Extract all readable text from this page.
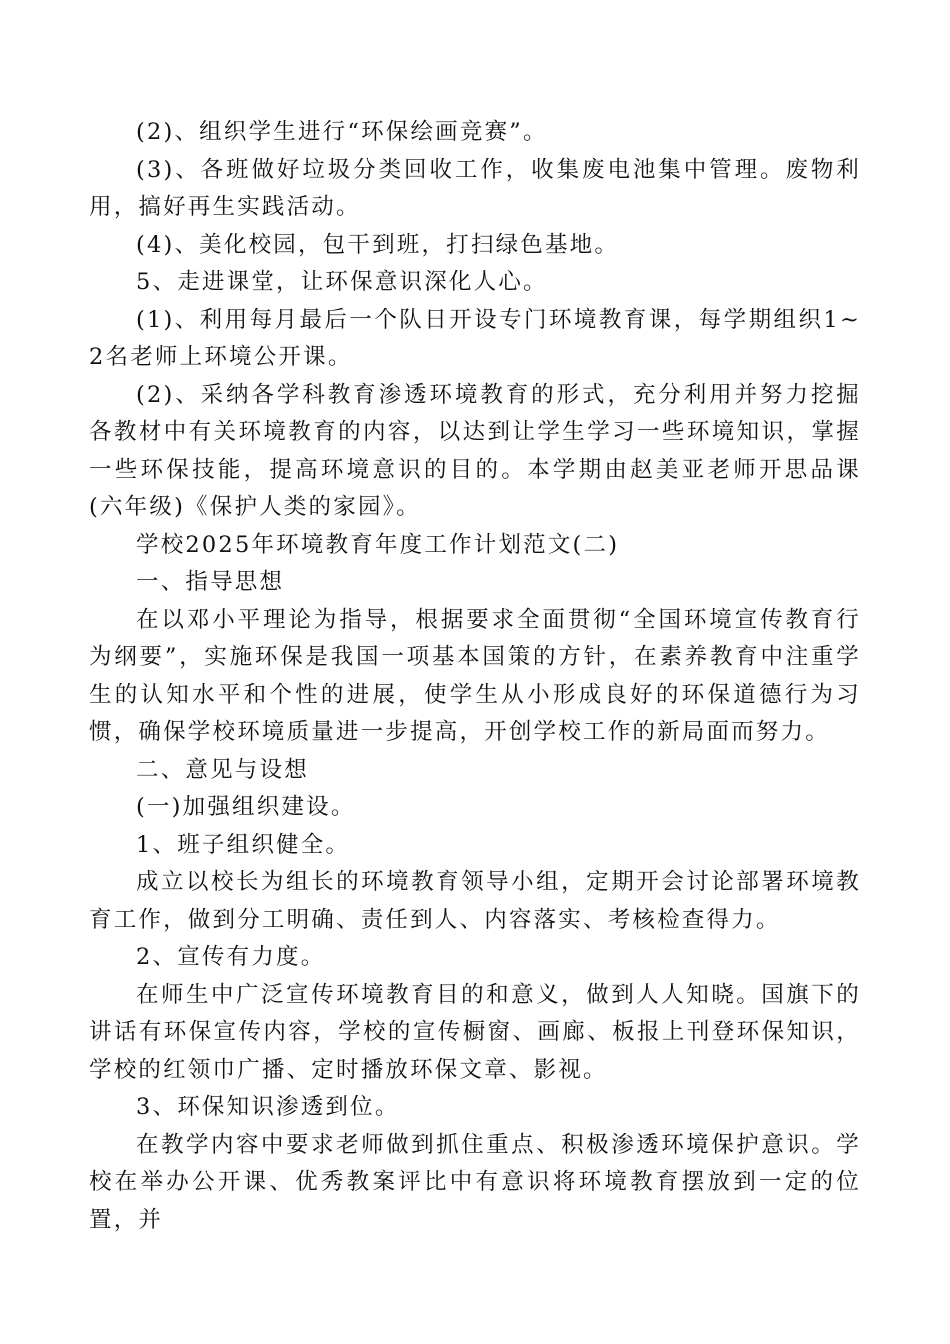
(2)、组织学生进行“环保绘画竞赛”。

(3)、各班做好垃圾分类回收工作，收集废电池集中管理。废物利用，搞好再生实践活动。

(4)、美化校园，包干到班，打扫绿色基地。

5、走进课堂，让环保意识深化人心。

(1)、利用每月最后一个队日开设专门环境教育课，每学期组织1~2名老师上环境公开课。

(2)、采纳各学科教育渗透环境教育的形式，充分利用并努力挖掘各教材中有关环境教育的内容，以达到让学生学习一些环境知识，掌握一些环保技能，提高环境意识的目的。本学期由赵美亚老师开思品课(六年级)《保护人类的家园》。

学校2025年环境教育年度工作计划范文(二)

一、指导思想

在以邓小平理论为指导，根据要求全面贯彻“全国环境宣传教育行为纲要”，实施环保是我国一项基本国策的方针，在素养教育中注重学生的认知水平和个性的进展，使学生从小形成良好的环保道德行为习惯，确保学校环境质量进一步提高，开创学校工作的新局面而努力。

二、意见与设想

(一)加强组织建设。

1、班子组织健全。

成立以校长为组长的环境教育领导小组，定期开会讨论部署环境教育工作，做到分工明确、责任到人、内容落实、考核检查得力。

2、宣传有力度。

在师生中广泛宣传环境教育目的和意义，做到人人知晓。国旗下的讲话有环保宣传内容，学校的宣传橱窗、画廊、板报上刊登环保知识，学校的红领巾广播、定时播放环保文章、影视。

3、环保知识渗透到位。

在教学内容中要求老师做到抓住重点、积极渗透环境保护意识。学校在举办公开课、优秀教案评比中有意识将环境教育摆放到一定的位置，并
